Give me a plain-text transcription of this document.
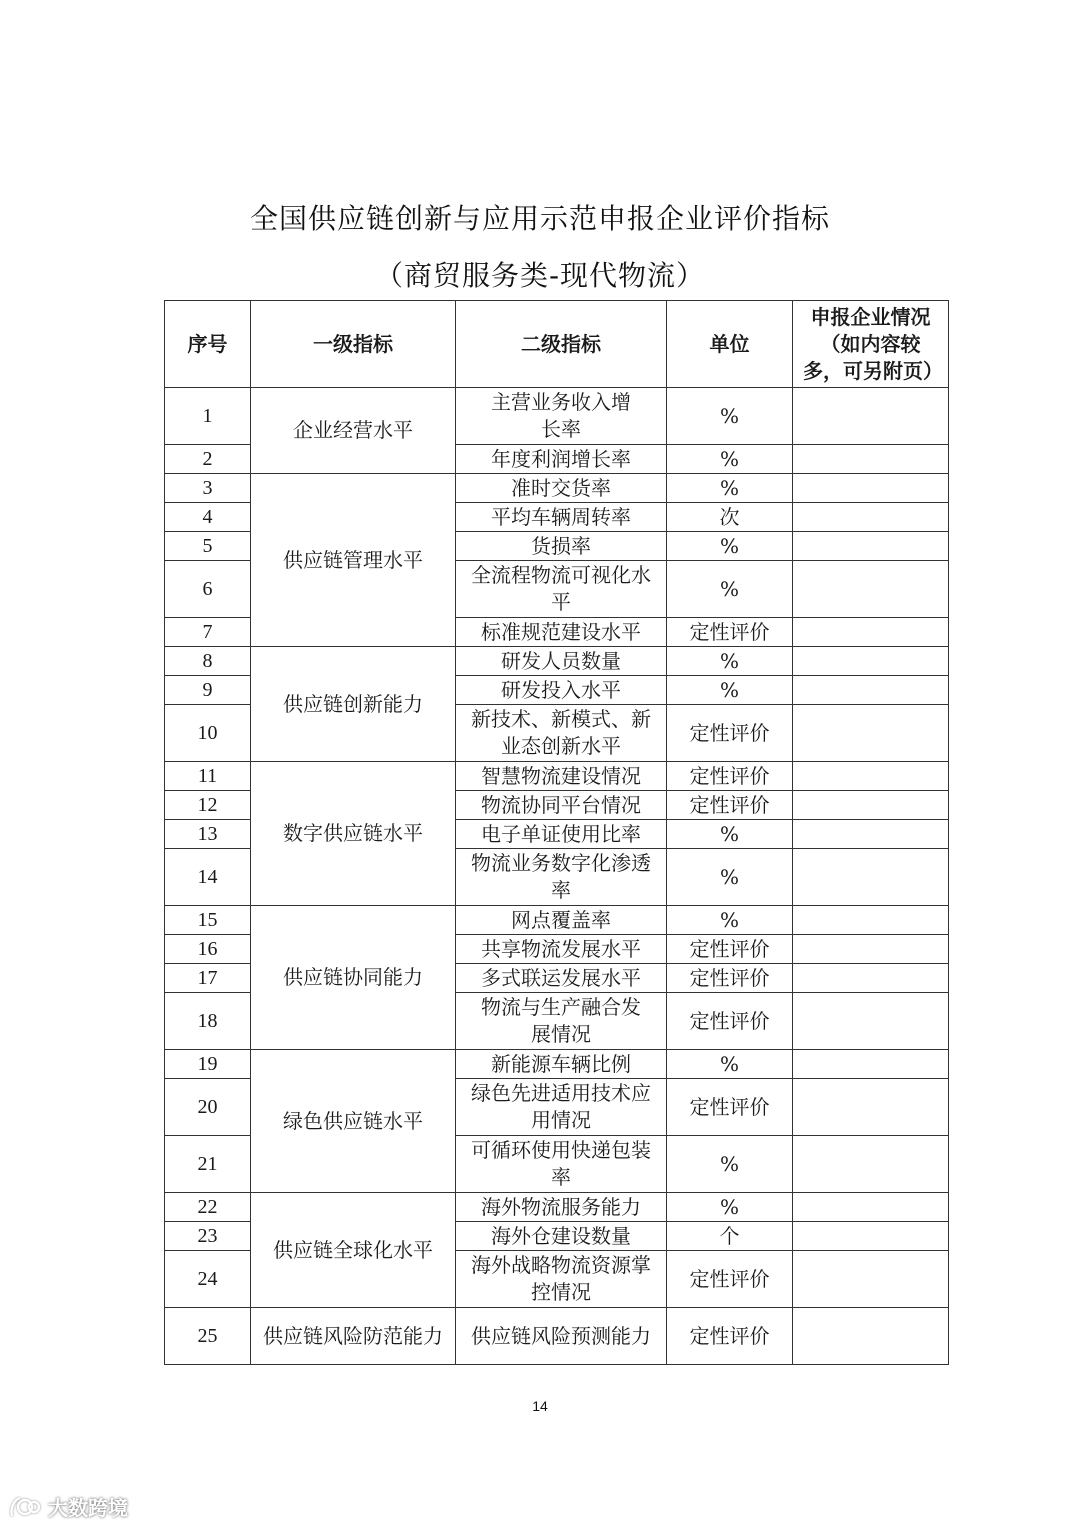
全国供应链创新与应用示范申报企业评价指标
（商贸服务类-现代物流）
序号	一级指标	二级指标	单位	申报企业情况（如内容较多，可另附页）
1	企业经营水平	主营业务收入增长率	%	
2		年度利润增长率	%	
3	供应链管理水平	准时交货率	%	
4		平均车辆周转率	次	
5		货损率	%	
6		全流程物流可视化水平	%	
7		标准规范建设水平	定性评价	
8	供应链创新能力	研发人员数量	%	
9		研发投入水平	%	
10		新技术、新模式、新业态创新水平	定性评价	
11	数字供应链水平	智慧物流建设情况	定性评价	
12		物流协同平台情况	定性评价	
13		电子单证使用比率	%	
14		物流业务数字化渗透率	%	
15	供应链协同能力	网点覆盖率	%	
16		共享物流发展水平	定性评价	
17		多式联运发展水平	定性评价	
18		物流与生产融合发展情况	定性评价	
19	绿色供应链水平	新能源车辆比例	%	
20		绿色先进适用技术应用情况	定性评价	
21		可循环使用快递包装率	%	
22	供应链全球化水平	海外物流服务能力	%	
23		海外仓建设数量	个	
24		海外战略物流资源掌控情况	定性评价	
25	供应链风险防范能力	供应链风险预测能力	定性评价	
14
大数跨境
